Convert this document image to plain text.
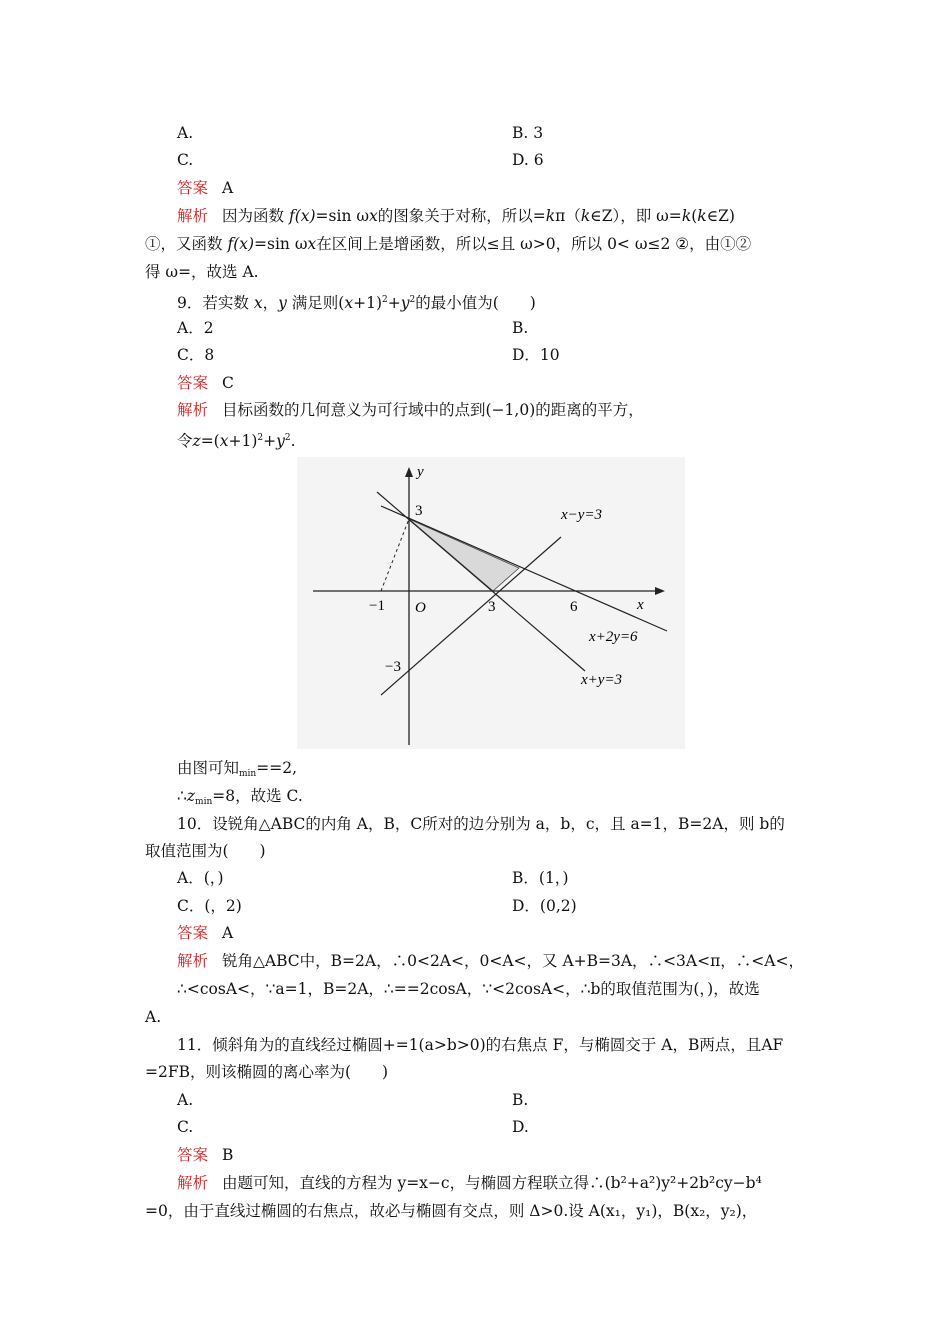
A.	B. 3
C.	D. 6
答案 A
解析 因为函数 f(x)=sin ωx的图象关于对称，所以=kπ（k∈Z），即 ω=k(k∈Z)
①，又函数 f(x)=sin ωx在区间上是增函数，所以≤且 ω>0，所以 0< ω≤2 ②，由①②
得 ω=，故选 A.
9．若实数 x，y 满足则$(x+1)^2+y^2$的最小值为(　　)
A．2	B.
C．8	D．10
答案 C
解析 目标函数的几何意义为可行域中的点到(−1,0)的距离的平方，
令$z=(x+1)^2+y^2$.
y
x
O
3
−3
−1	3	6
x−y=3
x+2y=6
x+y=3
由图可知$_{min}$==2,
$\therefore z_{min}=8$，故选 C.
10．设锐角△ABC的内角 A，B，C所对的边分别为 a，b，c，且 a=1，B=2A，则 b的
取值范围为(　　)
A．(，)	B．(1，)
C．(，2)	D．(0,2)
答案 A
解析 锐角△ABC中，B=2A，∴0<2A<，0<A<，又 A+B=3A，∴<3A<π，∴<A<，
∴<cosA<，∵a=1，B=2A，∴==2cosA，∵<2cosA<，∴b的取值范围为(，)，故选
A.
11．倾斜角为的直线经过椭圆+=1(a>b>0)的右焦点 F，与椭圆交于 A，B两点，且AF
=2FB，则该椭圆的离心率为(　　)
A.	B.
C.	D.
答案 B
解析 由题可知，直线的方程为 y=x−c，与椭圆方程联立得∴(b²+a²)y²+2b²cy−b⁴
=0，由于直线过椭圆的右焦点，故必与椭圆有交点，则 Δ>0.设 A(x₁，y₁)，B(x₂，y₂)，
